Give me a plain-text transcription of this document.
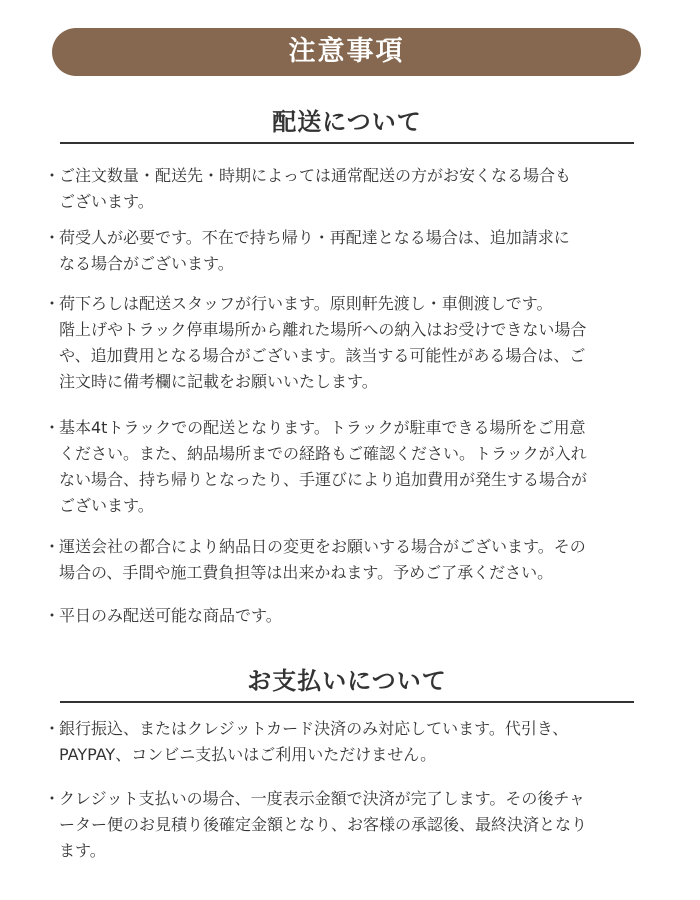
注意事項
配送について
・
ご注文数量・配送先・時期によっては通常配送の方がお安くなる場合も
ございます。
・
荷受人が必要です。不在で持ち帰り・再配達となる場合は、追加請求に
なる場合がございます。
・
荷下ろしは配送スタッフが行います。原則軒先渡し・車側渡しです。
階上げやトラック停車場所から離れた場所への納入はお受けできない場合
や、追加費用となる場合がございます。該当する可能性がある場合は、ご
注文時に備考欄に記載をお願いいたします。
・
基本4tトラックでの配送となります。トラックが駐車できる場所をご用意
ください。また、納品場所までの経路もご確認ください。トラックが入れ
ない場合、持ち帰りとなったり、手運びにより追加費用が発生する場合が
ございます。
・
運送会社の都合により納品日の変更をお願いする場合がございます。その
場合の、手間や施工費負担等は出来かねます。予めご了承ください。
・
平日のみ配送可能な商品です。
お支払いについて
・
銀行振込、またはクレジットカード決済のみ対応しています。代引き、
PAYPAY、コンビニ支払いはご利用いただけません。
・
クレジット支払いの場合、一度表示金額で決済が完了します。その後チャ
ーター便のお見積り後確定金額となり、お客様の承認後、最終決済となり
ます。
